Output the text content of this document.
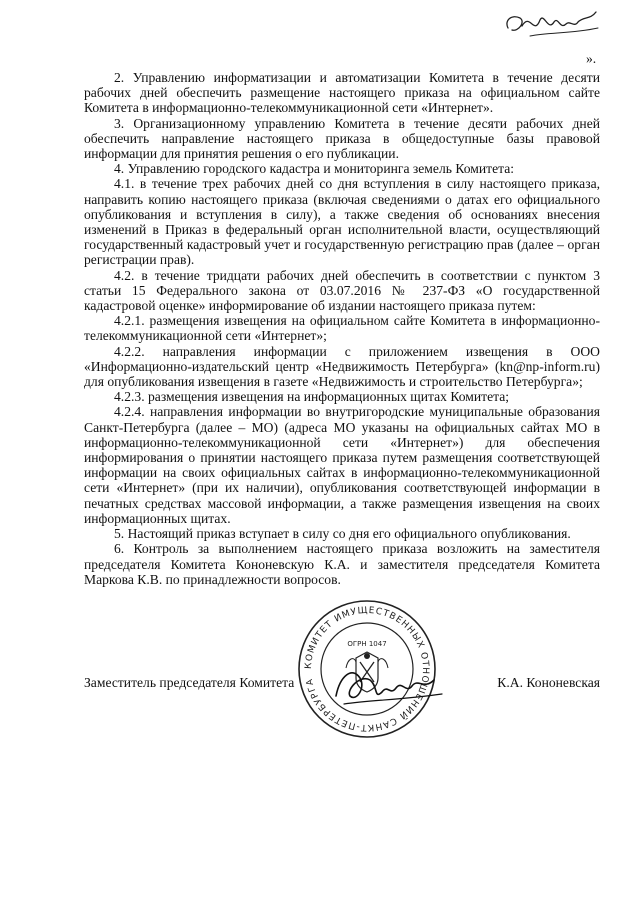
».

2. Управлению информатизации и автоматизации Комитета в течение десяти рабочих дней обеспечить размещение настоящего приказа на официальном сайте Комитета в информационно-телекоммуникационной сети «Интернет».

3. Организационному управлению Комитета в течение десяти рабочих дней обеспечить направление настоящего приказа в общедоступные базы правовой информации для принятия решения о его публикации.

4. Управлению городского кадастра и мониторинга земель Комитета:

4.1. в течение трех рабочих дней со дня вступления в силу настоящего приказа, направить копию настоящего приказа (включая сведениями о датах его официального опубликования и вступления в силу), а также сведения об основаниях внесения изменений в Приказ в федеральный орган исполнительной власти, осуществляющий государственный кадастровый учет и государственную регистрацию прав (далее – орган регистрации прав).

4.2. в течение тридцати рабочих дней обеспечить в соответствии с пунктом 3 статьи 15 Федерального закона от 03.07.2016 № 237-ФЗ «О государственной кадастровой оценке» информирование об издании настоящего приказа путем:

4.2.1. размещения извещения на официальном сайте Комитета в информационно-телекоммуникационной сети «Интернет»;

4.2.2. направления информации с приложением извещения в ООО «Информационно-издательский центр «Недвижимость Петербурга» (kn@np-inform.ru) для опубликования извещения в газете «Недвижимость и строительство Петербурга»;

4.2.3. размещения извещения на информационных щитах Комитета;

4.2.4. направления информации во внутригородские муниципальные образования Санкт-Петербурга (далее – МО) (адреса МО указаны на официальных сайтах МО в информационно-телекоммуникационной сети «Интернет») для обеспечения информирования о принятии настоящего приказа путем размещения соответствующей информации на своих официальных сайтах в информационно-телекоммуникационной сети «Интернет» (при их наличии), опубликования соответствующей информации в печатных средствах массовой информации, а также размещения извещения на своих информационных щитах.

5. Настоящий приказ вступает в силу со дня его официального опубликования.

6. Контроль за выполнением настоящего приказа возложить на заместителя председателя Комитета Кононевскую К.А. и заместителя председателя Комитета Маркова К.В. по принадлежности вопросов.

КОМИТЕТ ИМУЩЕСТВЕННЫХ ОТНОШЕНИЙ САНКТ-ПЕТЕРБУРГА
ОГРН 1047
Заместитель председателя Комитета	К.А. Кононевская
